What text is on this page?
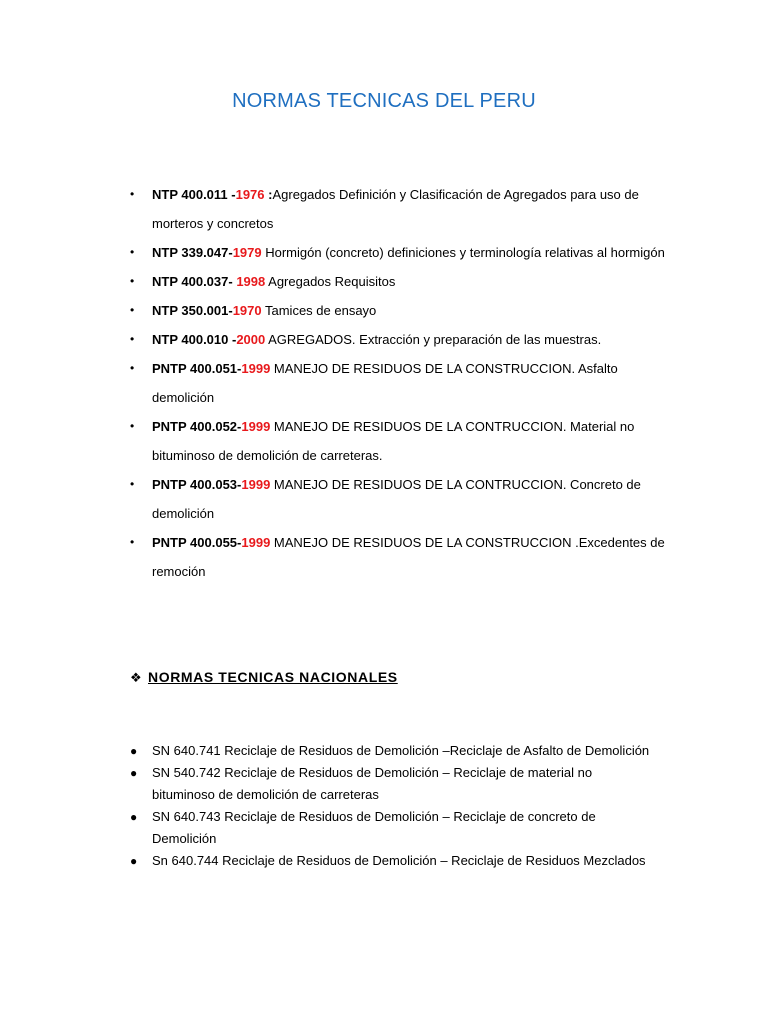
NORMAS TECNICAS DEL PERU
• NTP 400.011 -1976 :Agregados Definición y Clasificación de Agregados para uso de morteros y concretos
• NTP 339.047-1979 Hormigón (concreto) definiciones y terminología relativas al hormigón
• NTP 400.037- 1998 Agregados Requisitos
• NTP 350.001-1970 Tamices de ensayo
• NTP 400.010 -2000 AGREGADOS. Extracción y preparación de las muestras.
• PNTP 400.051-1999 MANEJO DE RESIDUOS DE LA CONSTRUCCION. Asfalto demolición
• PNTP 400.052-1999 MANEJO DE RESIDUOS DE LA CONTRUCCION. Material no bituminoso de demolición de carreteras.
• PNTP 400.053-1999 MANEJO DE RESIDUOS DE LA CONTRUCCION. Concreto de demolición
• PNTP 400.055-1999 MANEJO DE RESIDUOS DE LA CONSTRUCCION .Excedentes de remoción
❖ NORMAS TECNICAS NACIONALES
● SN 640.741 Reciclaje de Residuos de Demolición –Reciclaje de Asfalto de Demolición
● SN 540.742 Reciclaje de Residuos de Demolición – Reciclaje de material no bituminoso de demolición de carreteras
● SN 640.743 Reciclaje de Residuos de Demolición – Reciclaje de concreto de Demolición
● Sn 640.744 Reciclaje de Residuos de Demolición – Reciclaje de Residuos Mezclados
